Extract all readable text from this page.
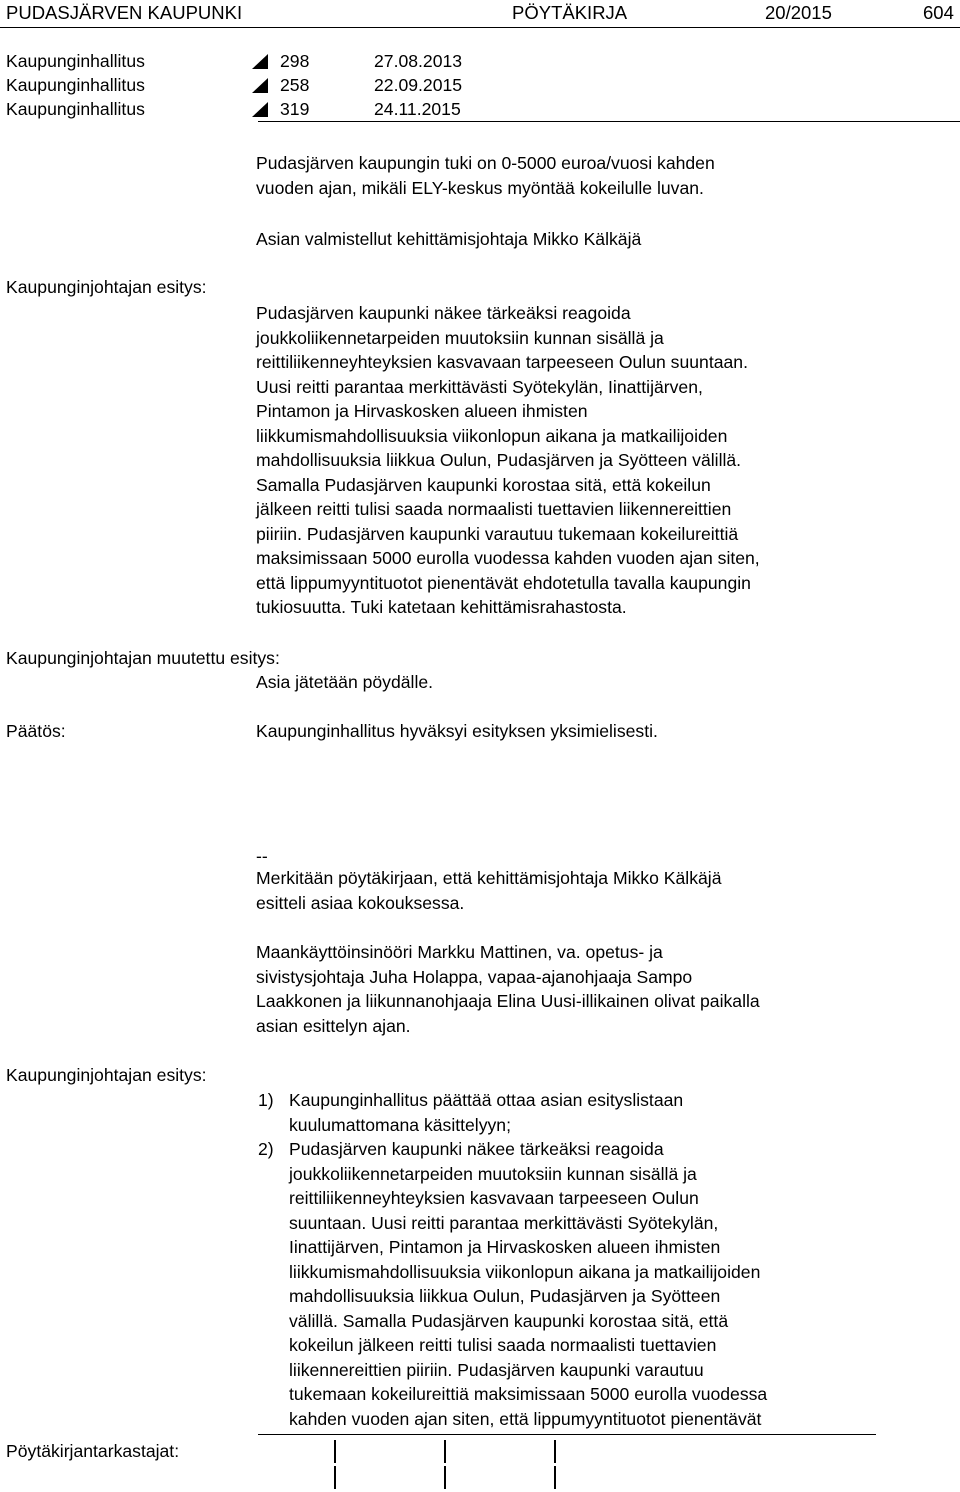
PUDASJÄRVEN KAUPUNKI	PÖYTÄKIRJA	20/2015	604
Kaupunginhallitus	298	27.08.2013
Kaupunginhallitus	258	22.09.2015
Kaupunginhallitus	319	24.11.2015
Pudasjärven kaupungin tuki on 0-5000 euroa/vuosi kahden
vuoden ajan, mikäli ELY-keskus myöntää kokeilulle luvan.
Asian valmistellut kehittämisjohtaja Mikko Kälkäjä
Kaupunginjohtajan esitys:
Pudasjärven kaupunki näkee tärkeäksi reagoida
joukkoliikennetarpeiden muutoksiin kunnan sisällä ja
reittiliikenneyhteyksien kasvavaan tarpeeseen Oulun suuntaan.
Uusi reitti parantaa merkittävästi Syötekylän, Iinattijärven,
Pintamon ja Hirvaskosken alueen ihmisten
liikkumismahdollisuuksia viikonlopun aikana ja matkailijoiden
mahdollisuuksia liikkua Oulun, Pudasjärven ja Syötteen välillä.
Samalla Pudasjärven kaupunki korostaa sitä, että kokeilun
jälkeen reitti tulisi saada normaalisti tuettavien liikennereittien
piiriin. Pudasjärven kaupunki varautuu tukemaan kokeilureittiä
maksimissaan 5000 eurolla vuodessa kahden vuoden ajan siten,
että lippumyyntituotot pienentävät ehdotetulla tavalla kaupungin
tukiosuutta. Tuki katetaan kehittämisrahastosta.
Kaupunginjohtajan muutettu esitys:
Asia jätetään pöydälle.
Päätös:	Kaupunginhallitus hyväksyi esityksen yksimielisesti.
--
Merkitään pöytäkirjaan, että kehittämisjohtaja Mikko Kälkäjä
esitteli asiaa kokouksessa.
Maankäyttöinsinööri Markku Mattinen, va. opetus- ja
sivistysjohtaja Juha Holappa, vapaa-ajanohjaaja Sampo
Laakkonen ja liikunnanohjaaja Elina Uusi-illikainen olivat paikalla
asian esittelyn ajan.
Kaupunginjohtajan esitys:
1) Kaupunginhallitus päättää ottaa asian esityslistaan
kuulumattomana käsittelyyn;
2) Pudasjärven kaupunki näkee tärkeäksi reagoida
joukkoliikennetarpeiden muutoksiin kunnan sisällä ja
reittiliikenneyhteyksien kasvavaan tarpeeseen Oulun
suuntaan. Uusi reitti parantaa merkittävästi Syötekylän,
Iinattijärven, Pintamon ja Hirvaskosken alueen ihmisten
liikkumismahdollisuuksia viikonlopun aikana ja matkailijoiden
mahdollisuuksia liikkua Oulun, Pudasjärven ja Syötteen
välillä. Samalla Pudasjärven kaupunki korostaa sitä, että
kokeilun jälkeen reitti tulisi saada normaalisti tuettavien
liikennereittien piiriin. Pudasjärven kaupunki varautuu
tukemaan kokeilureittiä maksimissaan 5000 eurolla vuodessa
kahden vuoden ajan siten, että lippumyyntituotot pienentävät
Pöytäkirjantarkastajat:
